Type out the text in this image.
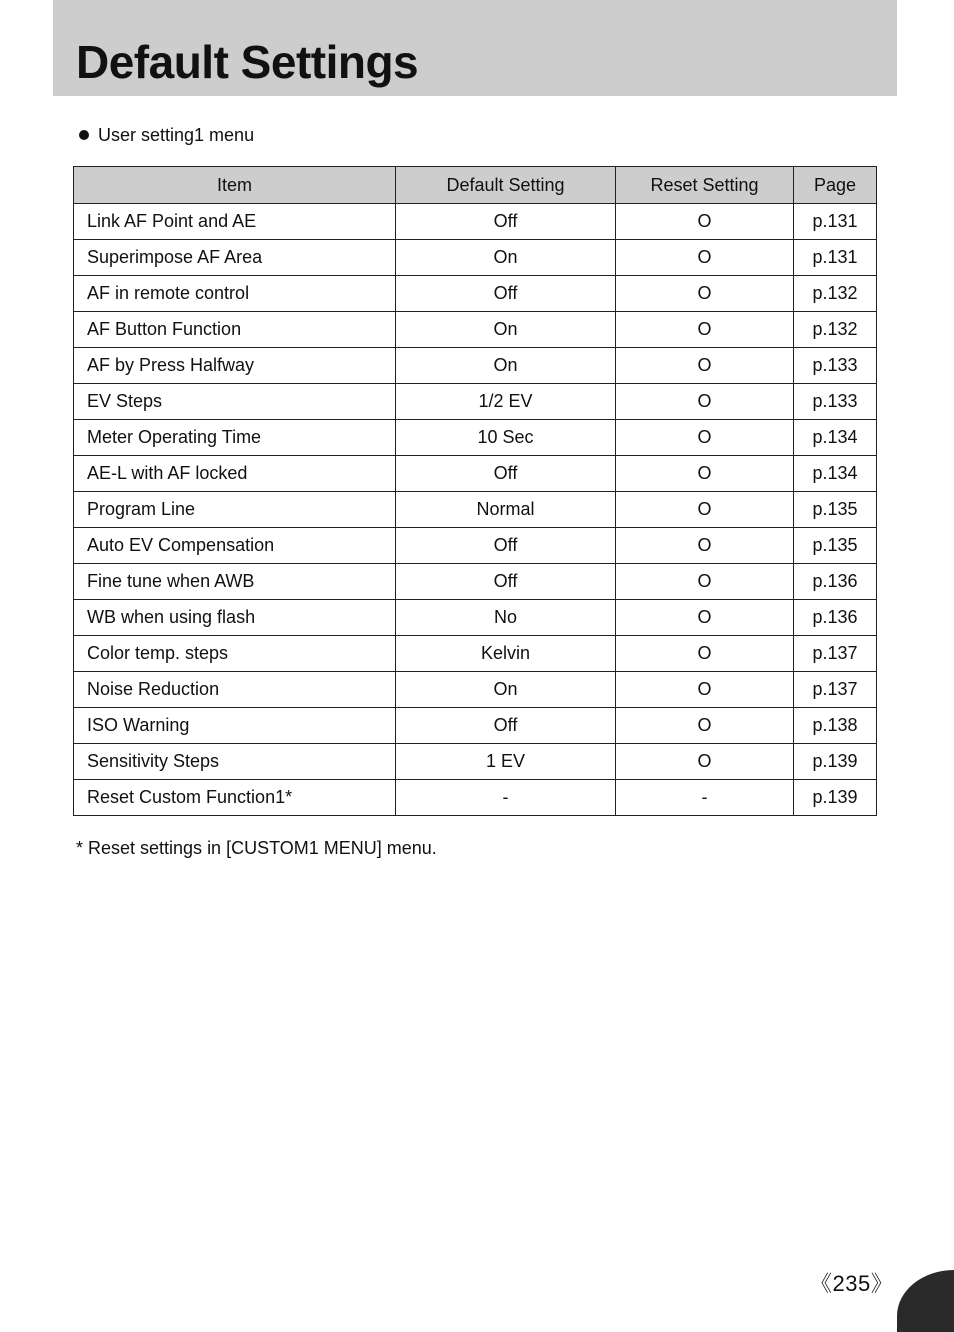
Default Settings
User setting1 menu
Item	Default Setting	Reset Setting	Page
Link AF Point and AE	Off	O	p.131
Superimpose AF Area	On	O	p.131
AF in remote control	Off	O	p.132
AF Button Function	On	O	p.132
AF by Press Halfway	On	O	p.133
EV Steps	1/2 EV	O	p.133
Meter Operating Time	10 Sec	O	p.134
AE-L with AF locked	Off	O	p.134
Program Line	Normal	O	p.135
Auto EV Compensation	Off	O	p.135
Fine tune when AWB	Off	O	p.136
WB when using flash	No	O	p.136
Color temp. steps	Kelvin	O	p.137
Noise Reduction	On	O	p.137
ISO Warning	Off	O	p.138
Sensitivity Steps	1 EV	O	p.139
Reset Custom Function1*	-	-	p.139
* Reset settings in [CUSTOM1 MENU] menu.
《235》
